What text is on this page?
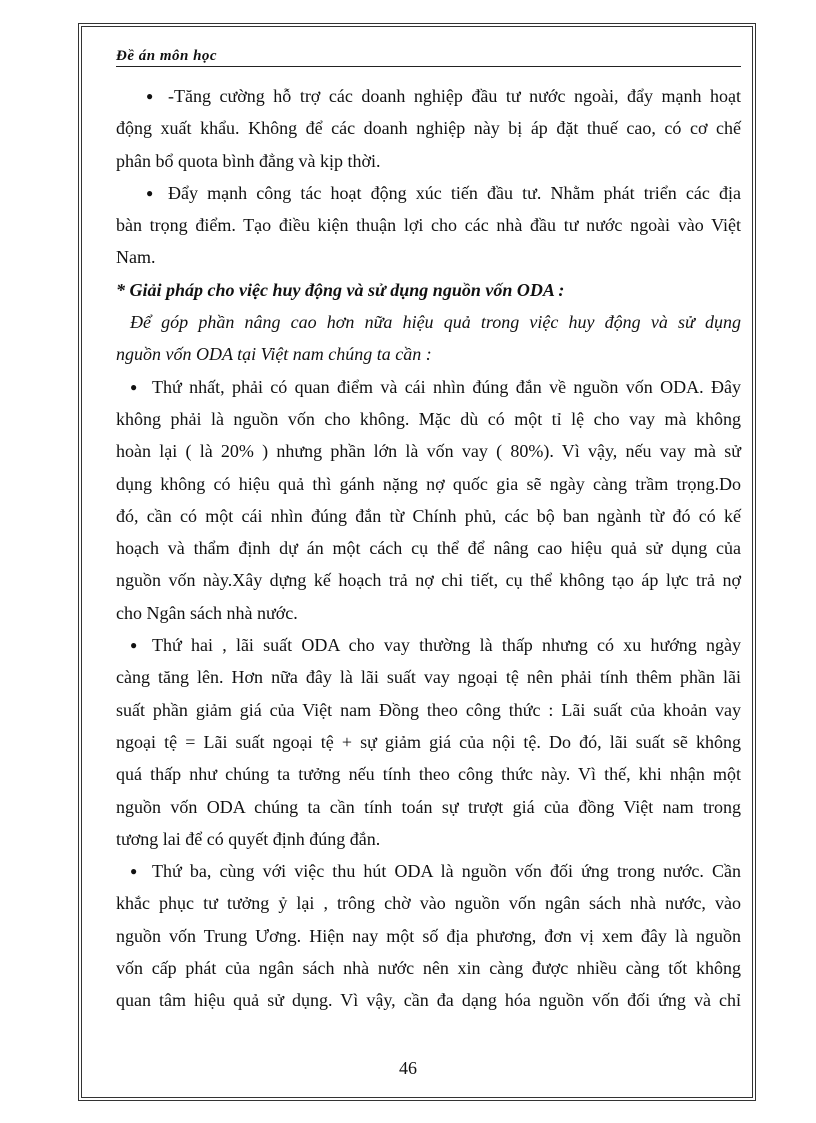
Đề án môn học
● -Tăng cường hỗ trợ các doanh nghiệp đầu tư nước ngoài, đẩy mạnh hoạt
động xuất khẩu. Không để các doanh nghiệp này bị áp đặt thuế cao, có cơ chế
phân bổ quota bình đẳng và kịp thời.
● Đẩy mạnh công tác hoạt động xúc tiến đầu tư. Nhằm phát triển các địa
bàn trọng điểm. Tạo điều kiện thuận lợi cho các nhà đầu tư nước ngoài vào Việt
Nam.
* Giải pháp cho việc huy động và sử dụng nguồn vốn ODA :
Để góp phần nâng cao hơn nữa hiệu quả trong việc huy động và sử dụng
nguồn vốn ODA tại Việt nam chúng ta cần :
● Thứ nhất, phải có quan điểm và cái nhìn đúng đắn về nguồn vốn ODA. Đây
không phải là nguồn vốn cho không. Mặc dù có một tỉ lệ cho vay mà không
hoàn lại ( là 20% ) nhưng phần lớn là vốn vay ( 80%). Vì vậy, nếu vay mà sử
dụng không có hiệu quả thì gánh nặng nợ quốc gia sẽ ngày càng trầm trọng.Do
đó, cần có một cái nhìn đúng đắn từ Chính phủ, các bộ ban ngành từ đó có kế
hoạch và thẩm định dự án một cách cụ thể để nâng cao hiệu quả sử dụng của
nguồn vốn này.Xây dựng kế hoạch trả nợ chi tiết, cụ thể không tạo áp lực trả nợ
cho Ngân sách nhà nước.
● Thứ hai , lãi suất ODA cho vay thường là thấp nhưng có xu hướng ngày
càng tăng lên. Hơn nữa đây là lãi suất vay ngoại tệ nên phải tính thêm phần lãi
suất phần giảm giá của Việt nam Đồng theo công thức : Lãi suất của khoản vay
ngoại tệ = Lãi suất ngoại tệ + sự giảm giá của nội tệ. Do đó, lãi suất sẽ không
quá thấp như chúng ta tưởng nếu tính theo công thức này. Vì thế, khi nhận một
nguồn vốn ODA chúng ta cần tính toán sự trượt giá của đồng Việt nam trong
tương lai để có quyết định đúng đắn.
● Thứ ba, cùng với việc thu hút ODA là nguồn vốn đối ứng trong nước. Cần
khắc phục tư tưởng ỷ lại , trông chờ vào nguồn vốn ngân sách nhà nước, vào
nguồn vốn Trung Ương. Hiện nay một số địa phương, đơn vị xem đây là nguồn
vốn cấp phát của ngân sách nhà nước nên xin càng được nhiều càng tốt không
quan tâm hiệu quả sử dụng. Vì vậy, cần đa dạng hóa nguồn vốn đối ứng và chỉ
46
